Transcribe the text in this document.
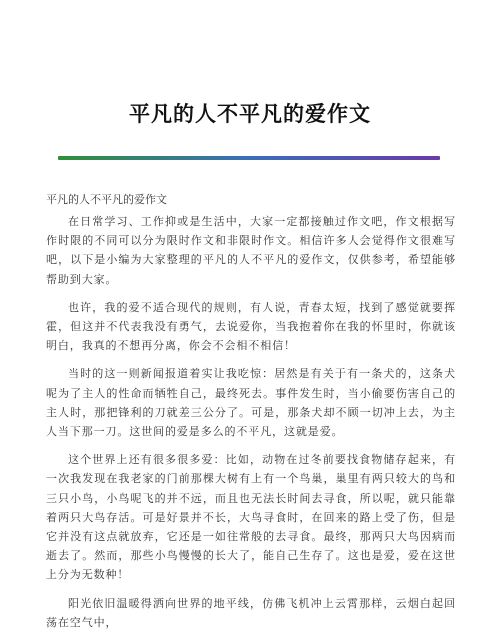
平凡的人不平凡的爱作文
平凡的人不平凡的爱作文

在日常学习、工作抑或是生活中，大家一定都接触过作文吧，作文根据写作时限的不同可以分为限时作文和非限时作文。相信许多人会觉得作文很难写吧，以下是小编为大家整理的平凡的人不平凡的爱作文，仅供参考，希望能够帮助到大家。

也许，我的爱不适合现代的规则，有人说，青春太短，找到了感觉就要挥霍，但这并不代表我没有勇气，去说爱你，当我抱着你在我的怀里时，你就该明白，我真的不想再分离，你会不会相不相信！

当时的这一则新闻报道着实让我吃惊：居然是有关于有一条犬的，这条犬呢为了主人的性命而牺牲自己，最终死去。事件发生时，当小偷要伤害自己的主人时，那把锋利的刀就差三公分了。可是，那条犬却不顾一切冲上去，为主人当下那一刀。这世间的爱是多么的不平凡，这就是爱。

这个世界上还有很多很多爱：比如，动物在过冬前要找食物储存起来，有一次我发现在我老家的门前那棵大树有上有一个鸟巢，巢里有两只较大的鸟和三只小鸟，小鸟呢飞的并不远，而且也无法长时间去寻食，所以呢，就只能靠着两只大鸟存活。可是好景并不长，大鸟寻食时，在回来的路上受了伤，但是它并没有这点就放弃，它还是一如往常般的去寻食。最终，那两只大鸟因病而逝去了。然而，那些小鸟慢慢的长大了，能自己生存了。这也是爱，爱在这世上分为无数种！

阳光依旧温暖得洒向世界的地平线，仿佛飞机冲上云霄那样，云烟白起回荡在空气中，
